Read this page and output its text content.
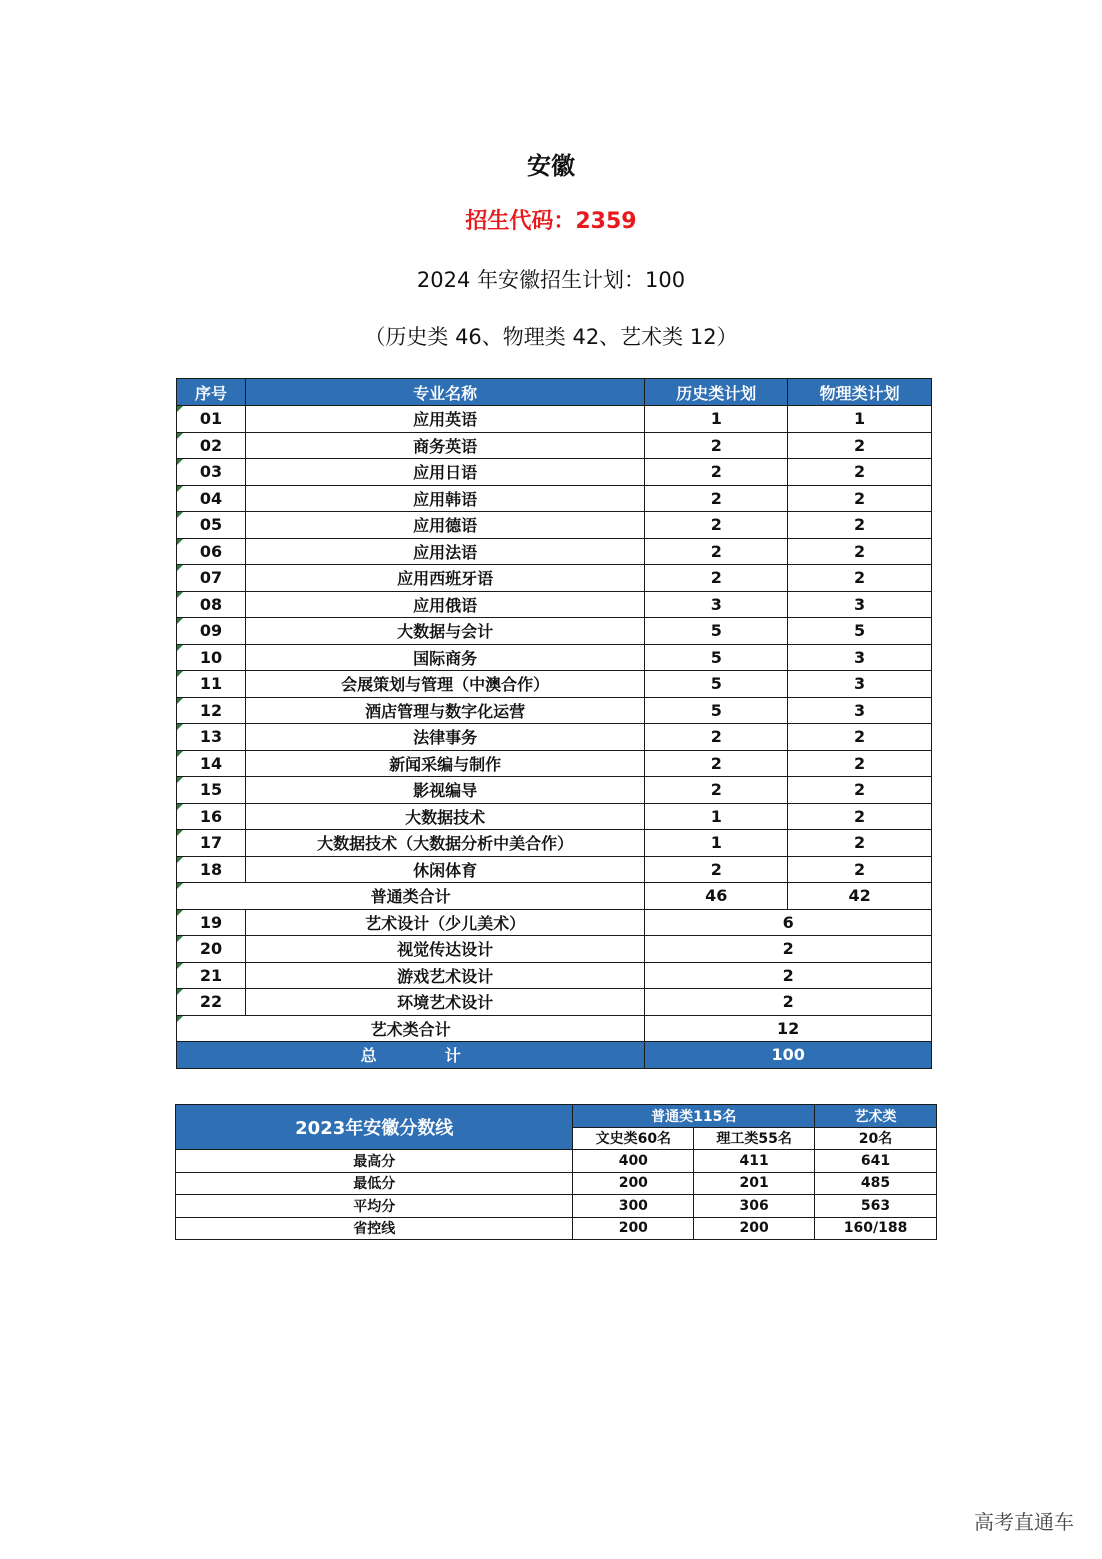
安徽
招生代码：2359
2024 年安徽招生计划：100
（历史类 46、物理类 42、艺术类 12）
序号	专业名称	历史类计划	物理类计划
01	应用英语	1	1
02	商务英语	2	2
03	应用日语	2	2
04	应用韩语	2	2
05	应用德语	2	2
06	应用法语	2	2
07	应用西班牙语	2	2
08	应用俄语	3	3
09	大数据与会计	5	5
10	国际商务	5	3
11	会展策划与管理（中澳合作）	5	3
12	酒店管理与数字化运营	5	3
13	法律事务	2	2
14	新闻采编与制作	2	2
15	影视编导	2	2
16	大数据技术	1	2
17	大数据技术（大数据分析中美合作）	1	2
18	休闲体育	2	2
普通类合计		46	42
19	艺术设计（少儿美术）	6	
20	视觉传达设计	2	
21	游戏艺术设计	2	
22	环境艺术设计	2	
艺术类合计		12	
总 计		100	
2023年安徽分数线	普通类115名		艺术类
	文史类60名	理工类55名	20名
最高分	400	411	641
最低分	200	201	485
平均分	300	306	563
省控线	200	200	160/188
高考直通车
